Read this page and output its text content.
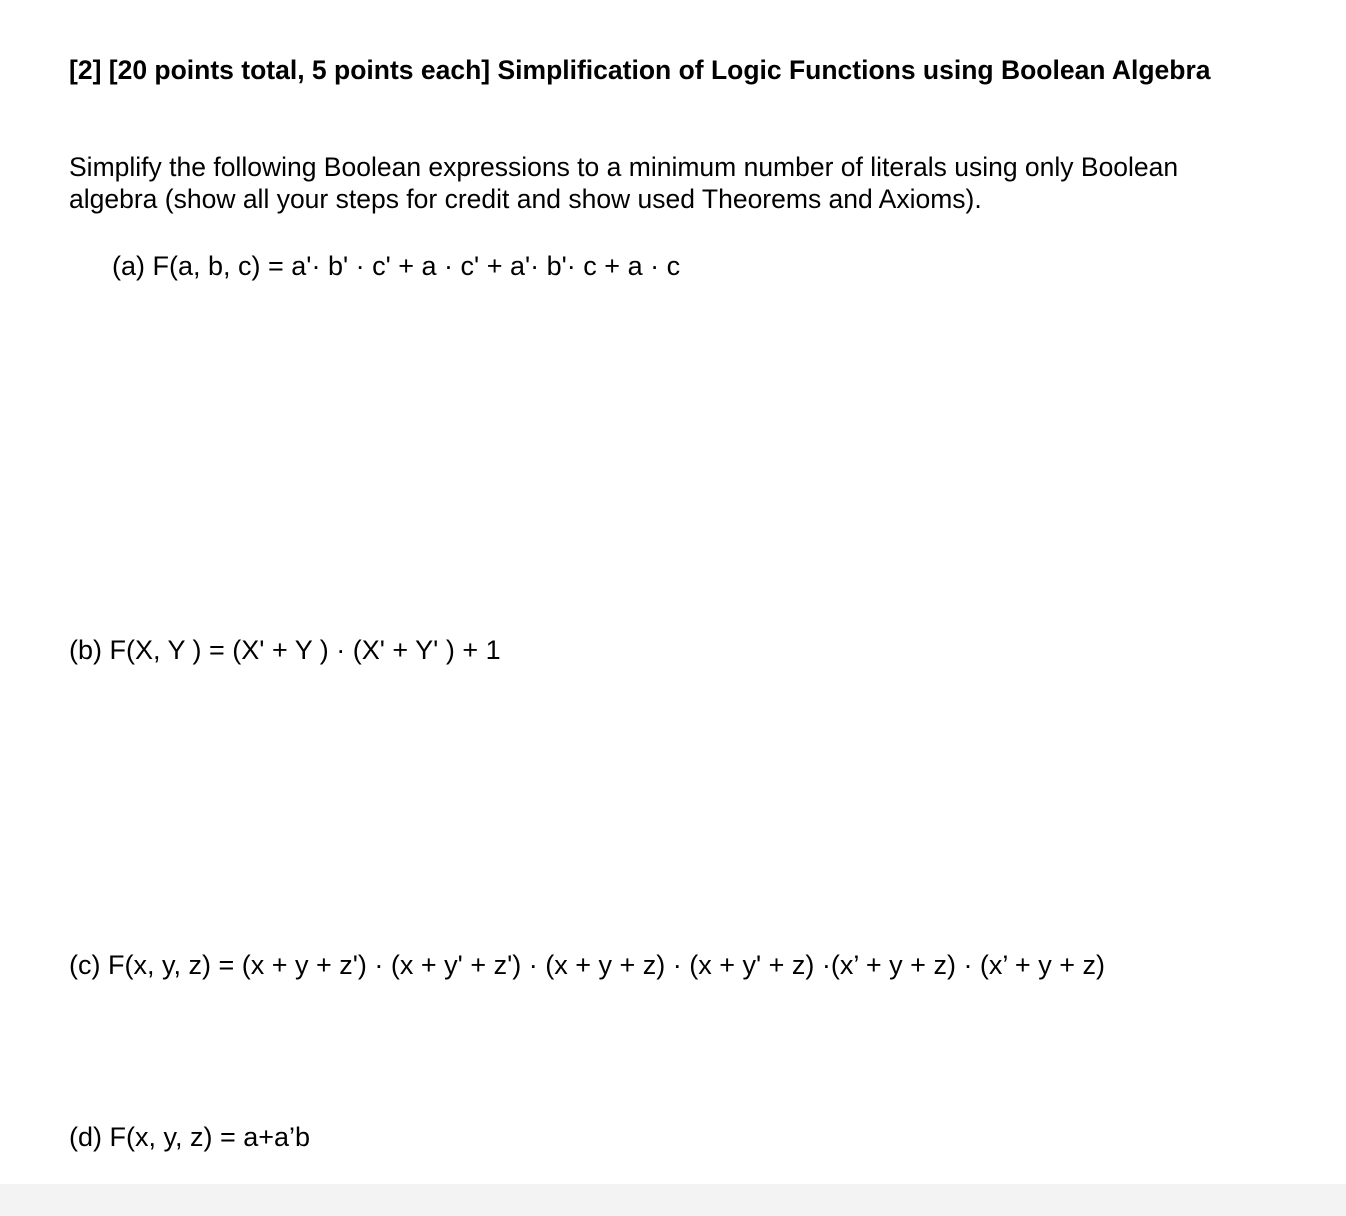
[2] [20 points total, 5 points each] Simplification of Logic Functions using Boolean Algebra

Simplify the following Boolean expressions to a minimum number of literals using only Boolean algebra (show all your steps for credit and show used Theorems and Axioms).

(a) F(a, b, c) = a'· b' · c' + a · c' + a'· b'· c + a · c

(b) F(X, Y ) = (X' + Y ) · (X' + Y' ) + 1

(c) F(x, y, z) = (x + y + z') · (x + y' + z') · (x + y + z) · (x + y' + z) ·(x’ + y + z) · (x’ + y + z)

(d) F(x, y, z) = a+a’b
